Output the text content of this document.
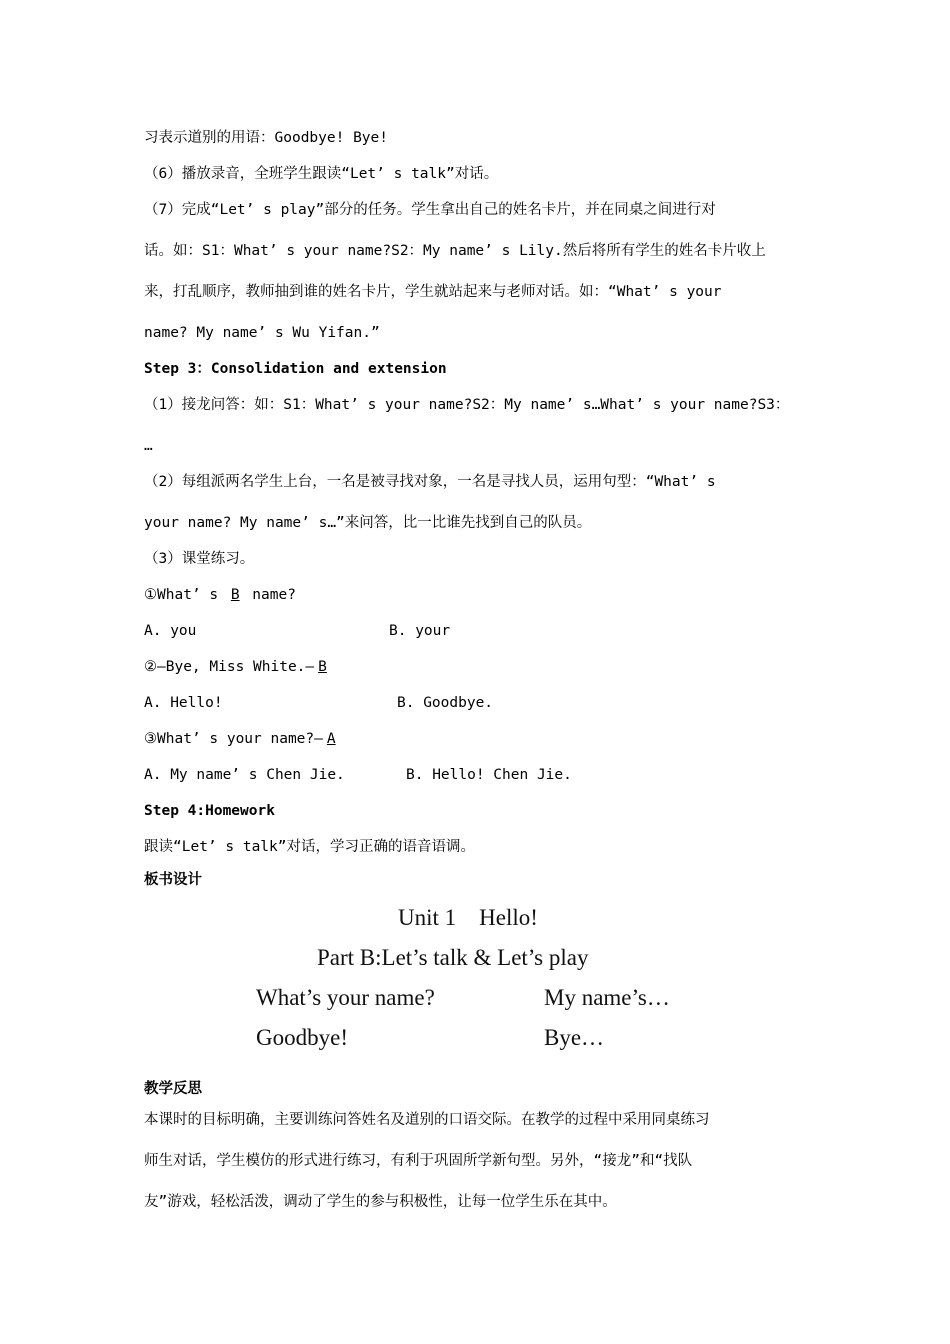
习表示道别的用语：Goodbye! Bye!
（6）播放录音，全班学生跟读“Let’ s talk”对话。
（7）完成“Let’ s play”部分的任务。学生拿出自己的姓名卡片，并在同桌之间进行对
话。如：S1：What’ s your name?S2：My name’ s Lily.然后将所有学生的姓名卡片收上
来，打乱顺序，教师抽到谁的姓名卡片，学生就站起来与老师对话。如：“What’ s your
name? My name’ s Wu Yifan.”
Step 3：Consolidation and extension
（1）接龙问答：如：S1：What’ s your name?S2：My name’ s…What’ s your name?S3：
…
（2）每组派两名学生上台，一名是被寻找对象，一名是寻找人员，运用句型：“What’ s
your name? My name’ s…”来问答，比一比谁先找到自己的队员。
（3）课堂练习。
①What’ s B name?
A. you	B. your
②—Bye, Miss White.— B
A. Hello!	B. Goodbye.
③What’ s your name?— A
A. My name’ s Chen Jie.	B. Hello! Chen Jie.
Step 4:Homework
跟读“Let’ s talk”对话，学习正确的语音语调。
板书设计
Unit 1    Hello!
Part B:Let’s talk & Let’s play
What’s your name?	My name’s…
Goodbye!	Bye…
教学反思
本课时的目标明确，主要训练问答姓名及道别的口语交际。在教学的过程中采用同桌练习
师生对话，学生模仿的形式进行练习，有利于巩固所学新句型。另外，“接龙”和“找队
友”游戏，轻松活泼，调动了学生的参与积极性，让每一位学生乐在其中。
